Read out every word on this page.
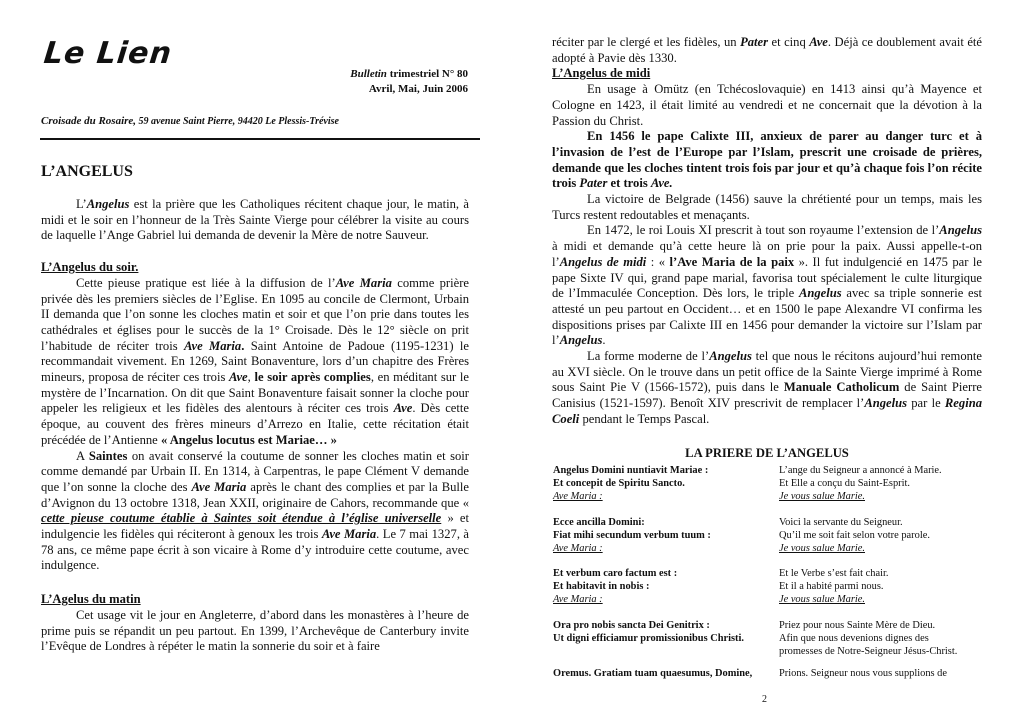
Le Lien
Bulletin trimestriel N° 80
Avril, Mai, Juin 2006
Croisade du Rosaire, 59 avenue Saint Pierre, 94420 Le Plessis-Trévise
L’ANGELUS

L’Angelus est la prière que les Catholiques récitent chaque jour, le matin, à midi et le soir en l’honneur de la Très Sainte Vierge pour célébrer la visite au cours de laquelle l’Ange Gabriel lui demanda de devenir la Mère de notre Sauveur.

L’Angelus du soir.

Cette pieuse pratique est liée à la diffusion de l’Ave Maria comme prière privée dès les premiers siècles de l’Eglise. En 1095 au concile de Clermont, Urbain II demanda que l’on sonne les cloches matin et soir et que l’on prie dans toutes les cathédrales et églises pour le succès de la 1° Croisade. Dès le 12° siècle on prit l’habitude de réciter trois Ave Maria. Saint Antoine de Padoue (1195-1231) le recommandait vivement. En 1269, Saint Bonaventure, lors d’un chapitre des Frères mineurs, proposa de réciter ces trois Ave, le soir après complies, en méditant sur le mystère de l’Incarnation. On dit que Saint Bonaventure faisait sonner la cloche pour appeler les religieux et les fidèles des alentours à réciter ces trois Ave. Dès cette époque, au couvent des frères mineurs d’Arrezo en Italie, cette récitation était précédée de l’Antienne « Angelus locutus est Mariae… »

A Saintes on avait conservé la coutume de sonner les cloches matin et soir comme demandé par Urbain II. En 1314, à Carpentras, le pape Clément V demande que l’on sonne la cloche des Ave Maria après le chant des complies et par la Bulle d’Avignon du 13 octobre 1318, Jean XXII, originaire de Cahors, recommande que « cette pieuse coutume établie à Saintes soit étendue à l’église universelle » et indulgencie les fidèles qui réciteront à genoux les trois Ave Maria. Le 7 mai 1327, à 78 ans, ce même pape écrit à son vicaire à Rome d’y introduire cette coutume, avec indulgence.

L’Agelus du matin

Cet usage vit le jour en Angleterre, d’abord dans les monastères à l’heure de prime puis se répandit un peu partout. En 1399, l’Archevêque de Canterbury invite l’Evêque de Londres à répéter le matin la sonnerie du soir et à faire

réciter par le clergé et les fidèles, un Pater et cinq Ave. Déjà ce doublement avait été adopté à Pavie dès 1330.

L’Angelus de midi

En usage à Omütz (en Tchécoslovaquie) en 1413 ainsi qu’à Mayence et Cologne en 1423, il était limité au vendredi et ne concernait que la dévotion à la Passion du Christ.

En 1456 le pape Calixte III, anxieux de parer au danger turc et à l’invasion de l’est de l’Europe par l’Islam, prescrit une croisade de prières, demande que les cloches tintent trois fois par jour et qu’à chaque fois l’on récite trois Pater et trois Ave.

La victoire de Belgrade (1456) sauve la chrétienté pour un temps, mais les Turcs restent redoutables et menaçants.

En 1472, le roi Louis XI prescrit à tout son royaume l’extension de l’Angelus à midi et demande qu’à cette heure là on prie pour la paix. Aussi appelle-t-on l’Angelus de midi : « l’Ave Maria de la paix ». Il fut indulgencié en 1475 par le pape Sixte IV qui, grand pape marial, favorisa tout spécialement le culte liturgique de l’Immaculée Conception. Dès lors, le triple Angelus avec sa triple sonnerie est attesté un peu partout en Occident… et en 1500 le pape Alexandre VI confirma les dispositions prises par Calixte III en 1456 pour demander la victoire sur l’Islam par l’Angelus.

La forme moderne de l’Angelus tel que nous le récitons aujourd’hui remonte au XVI siècle. On le trouve dans un petit office de la Sainte Vierge imprimé à Rome sous Saint Pie V (1566-1572), puis dans le Manuale Catholicum de Saint Pierre Canisius (1521-1597). Benoît XIV prescrivit de remplacer l’Angelus par le Regina Coeli pendant le Temps Pascal.

LA PRIERE DE L’ANGELUS

Angelus Domini nuntiavit Mariae :	L’ange du Seigneur a annoncé à Marie.
Et concepit de Spiritu Sancto.	Et Elle a conçu du Saint-Esprit.
Ave Maria :	Je vous salue Marie.
Ecce ancilla Domini:	Voici la servante du Seigneur.
Fiat mihi secundum verbum tuum :	Qu’il me soit fait selon votre parole.
Ave Maria :	Je vous salue Marie.
Et verbum caro factum est :	Et le Verbe s’est fait chair.
Et habitavit in nobis :	Et il a habité parmi nous.
Ave Maria :	Je vous salue Marie.
Ora pro nobis sancta Dei Genitrix :	Priez pour nous Sainte Mère de Dieu.
Ut digni efficiamur promissionibus Christi.	Afin que nous devenions dignes des
promesses de Notre-Seigneur Jésus-Christ.
Oremus. Gratiam tuam quaesumus, Domine,	Prions. Seigneur nous vous supplions de
2
